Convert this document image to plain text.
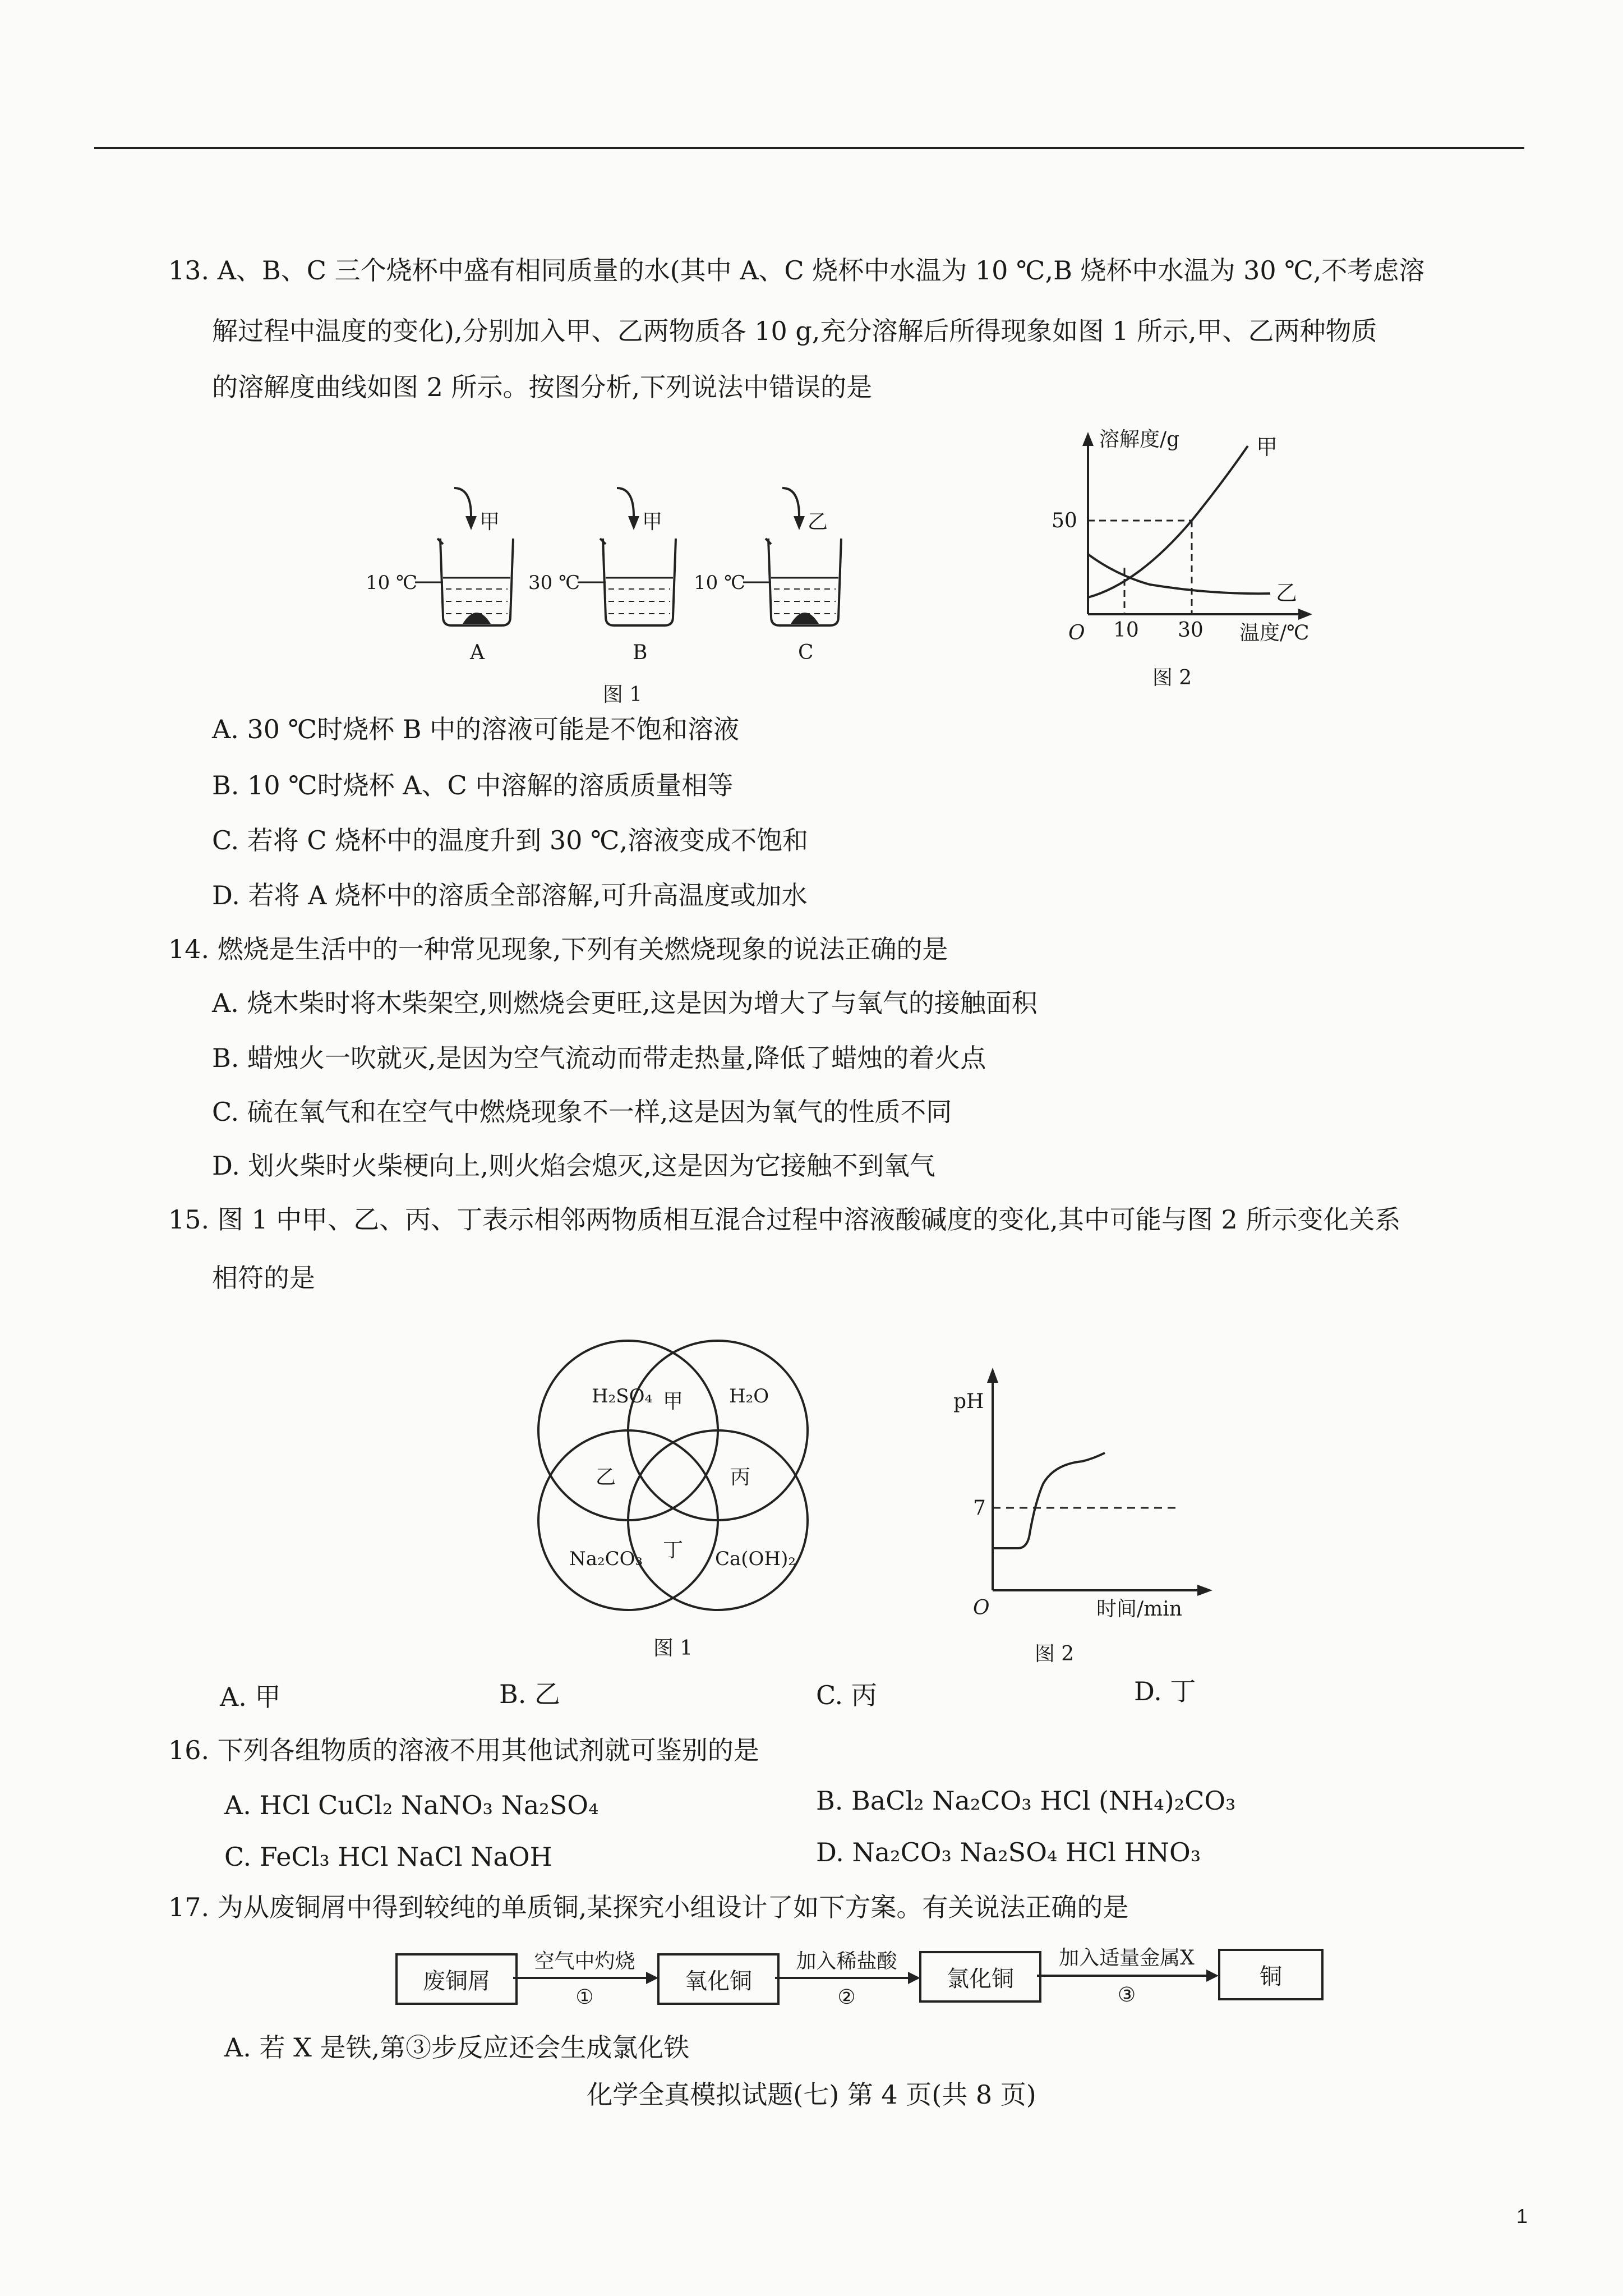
13. A、B、C 三个烧杯中盛有相同质量的水(其中 A、C 烧杯中水温为 10 ℃,B 烧杯中水温为 30 ℃,不考虑溶
解过程中温度的变化),分别加入甲、乙两物质各 10 g,充分溶解后所得现象如图 1 所示,甲、乙两种物质
的溶解度曲线如图 2 所示。按图分析,下列说法中错误的是
甲
10 ℃
A
甲
30 ℃
B
乙
10 ℃
C
图 1
溶解度/g
温度/℃
O
50
10 30
甲
乙
图 2
A. 30 ℃时烧杯 B 中的溶液可能是不饱和溶液
B. 10 ℃时烧杯 A、C 中溶解的溶质质量相等
C. 若将 C 烧杯中的温度升到 30 ℃,溶液变成不饱和
D. 若将 A 烧杯中的溶质全部溶解,可升高温度或加水
14. 燃烧是生活中的一种常见现象,下列有关燃烧现象的说法正确的是
A. 烧木柴时将木柴架空,则燃烧会更旺,这是因为增大了与氧气的接触面积
B. 蜡烛火一吹就灭,是因为空气流动而带走热量,降低了蜡烛的着火点
C. 硫在氧气和在空气中燃烧现象不一样,这是因为氧气的性质不同
D. 划火柴时火柴梗向上,则火焰会熄灭,这是因为它接触不到氧气
15. 图 1 中甲、乙、丙、丁表示相邻两物质相互混合过程中溶液酸碱度的变化,其中可能与图 2 所示变化关系
相符的是
H₂SO₄	H₂O
Na₂CO₃	Ca(OH)₂
甲
乙	丙
丁
图 1
pH
O	时间/min
7
图 2
A. 甲	B. 乙	C. 丙	D. 丁
16. 下列各组物质的溶液不用其他试剂就可鉴别的是
A. HCl CuCl₂ NaNO₃ Na₂SO₄	B. BaCl₂ Na₂CO₃ HCl (NH₄)₂CO₃
C. FeCl₃ HCl NaCl NaOH	D. Na₂CO₃ Na₂SO₄ HCl HNO₃
17. 为从废铜屑中得到较纯的单质铜,某探究小组设计了如下方案。有关说法正确的是
废铜屑
空气中灼烧
①
氧化铜
加入稀盐酸
②
氯化铜
加入适量金属X
③
铜
A. 若 X 是铁,第③步反应还会生成氯化铁
化学全真模拟试题(七) 第 4 页(共 8 页)
1
